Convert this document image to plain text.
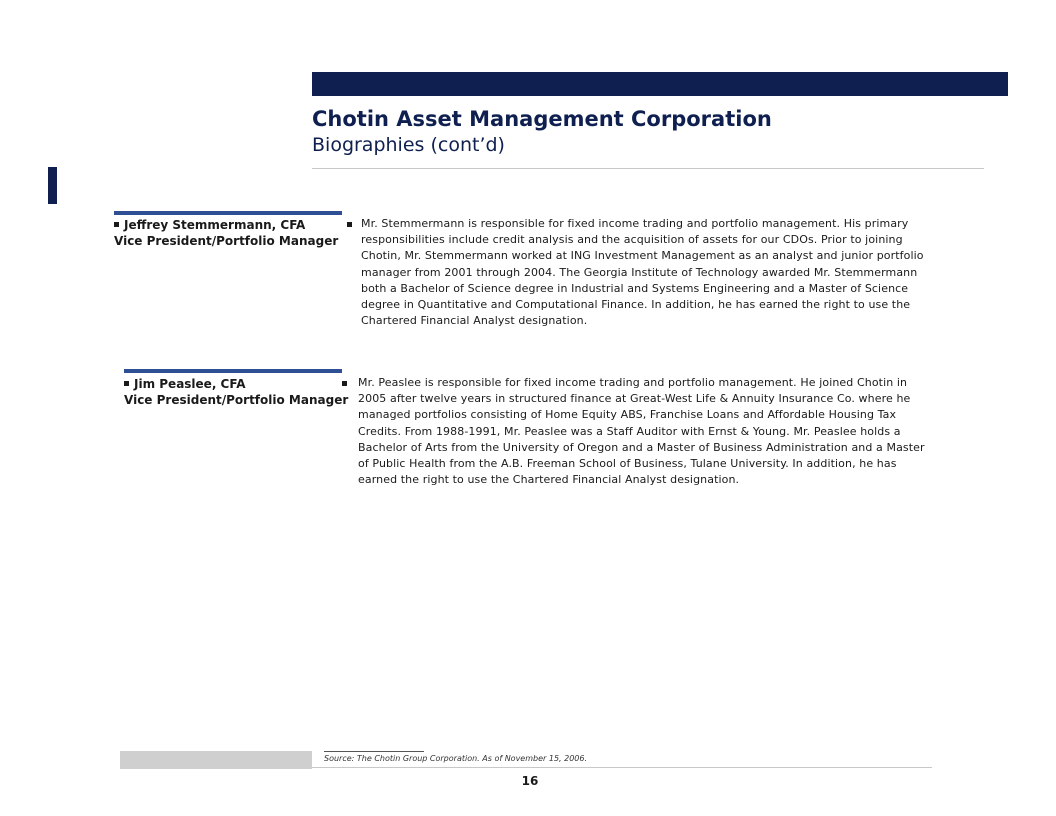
Chotin Asset Management Corporation
Biographies (cont’d)
Jeffrey Stemmermann, CFA
Vice President/Portfolio Manager
Mr. Stemmermann is responsible for fixed income trading and portfolio management. His primary
responsibilities include credit analysis and the acquisition of assets for our CDOs. Prior to joining
Chotin, Mr. Stemmermann worked at ING Investment Management as an analyst and junior portfolio
manager from 2001 through 2004. The Georgia Institute of Technology awarded Mr. Stemmermann
both a Bachelor of Science degree in Industrial and Systems Engineering and a Master of Science
degree in Quantitative and Computational Finance. In addition, he has earned the right to use the
Chartered Financial Analyst designation.
Jim Peaslee, CFA
Vice President/Portfolio Manager
Mr. Peaslee is responsible for fixed income trading and portfolio management. He joined Chotin in
2005 after twelve years in structured finance at Great-West Life & Annuity Insurance Co. where he
managed portfolios consisting of Home Equity ABS, Franchise Loans and Affordable Housing Tax
Credits. From 1988-1991, Mr. Peaslee was a Staff Auditor with Ernst & Young. Mr. Peaslee holds a
Bachelor of Arts from the University of Oregon and a Master of Business Administration and a Master
of Public Health from the A.B. Freeman School of Business, Tulane University. In addition, he has
earned the right to use the Chartered Financial Analyst designation.
Source: The Chotin Group Corporation. As of November 15, 2006.
16
